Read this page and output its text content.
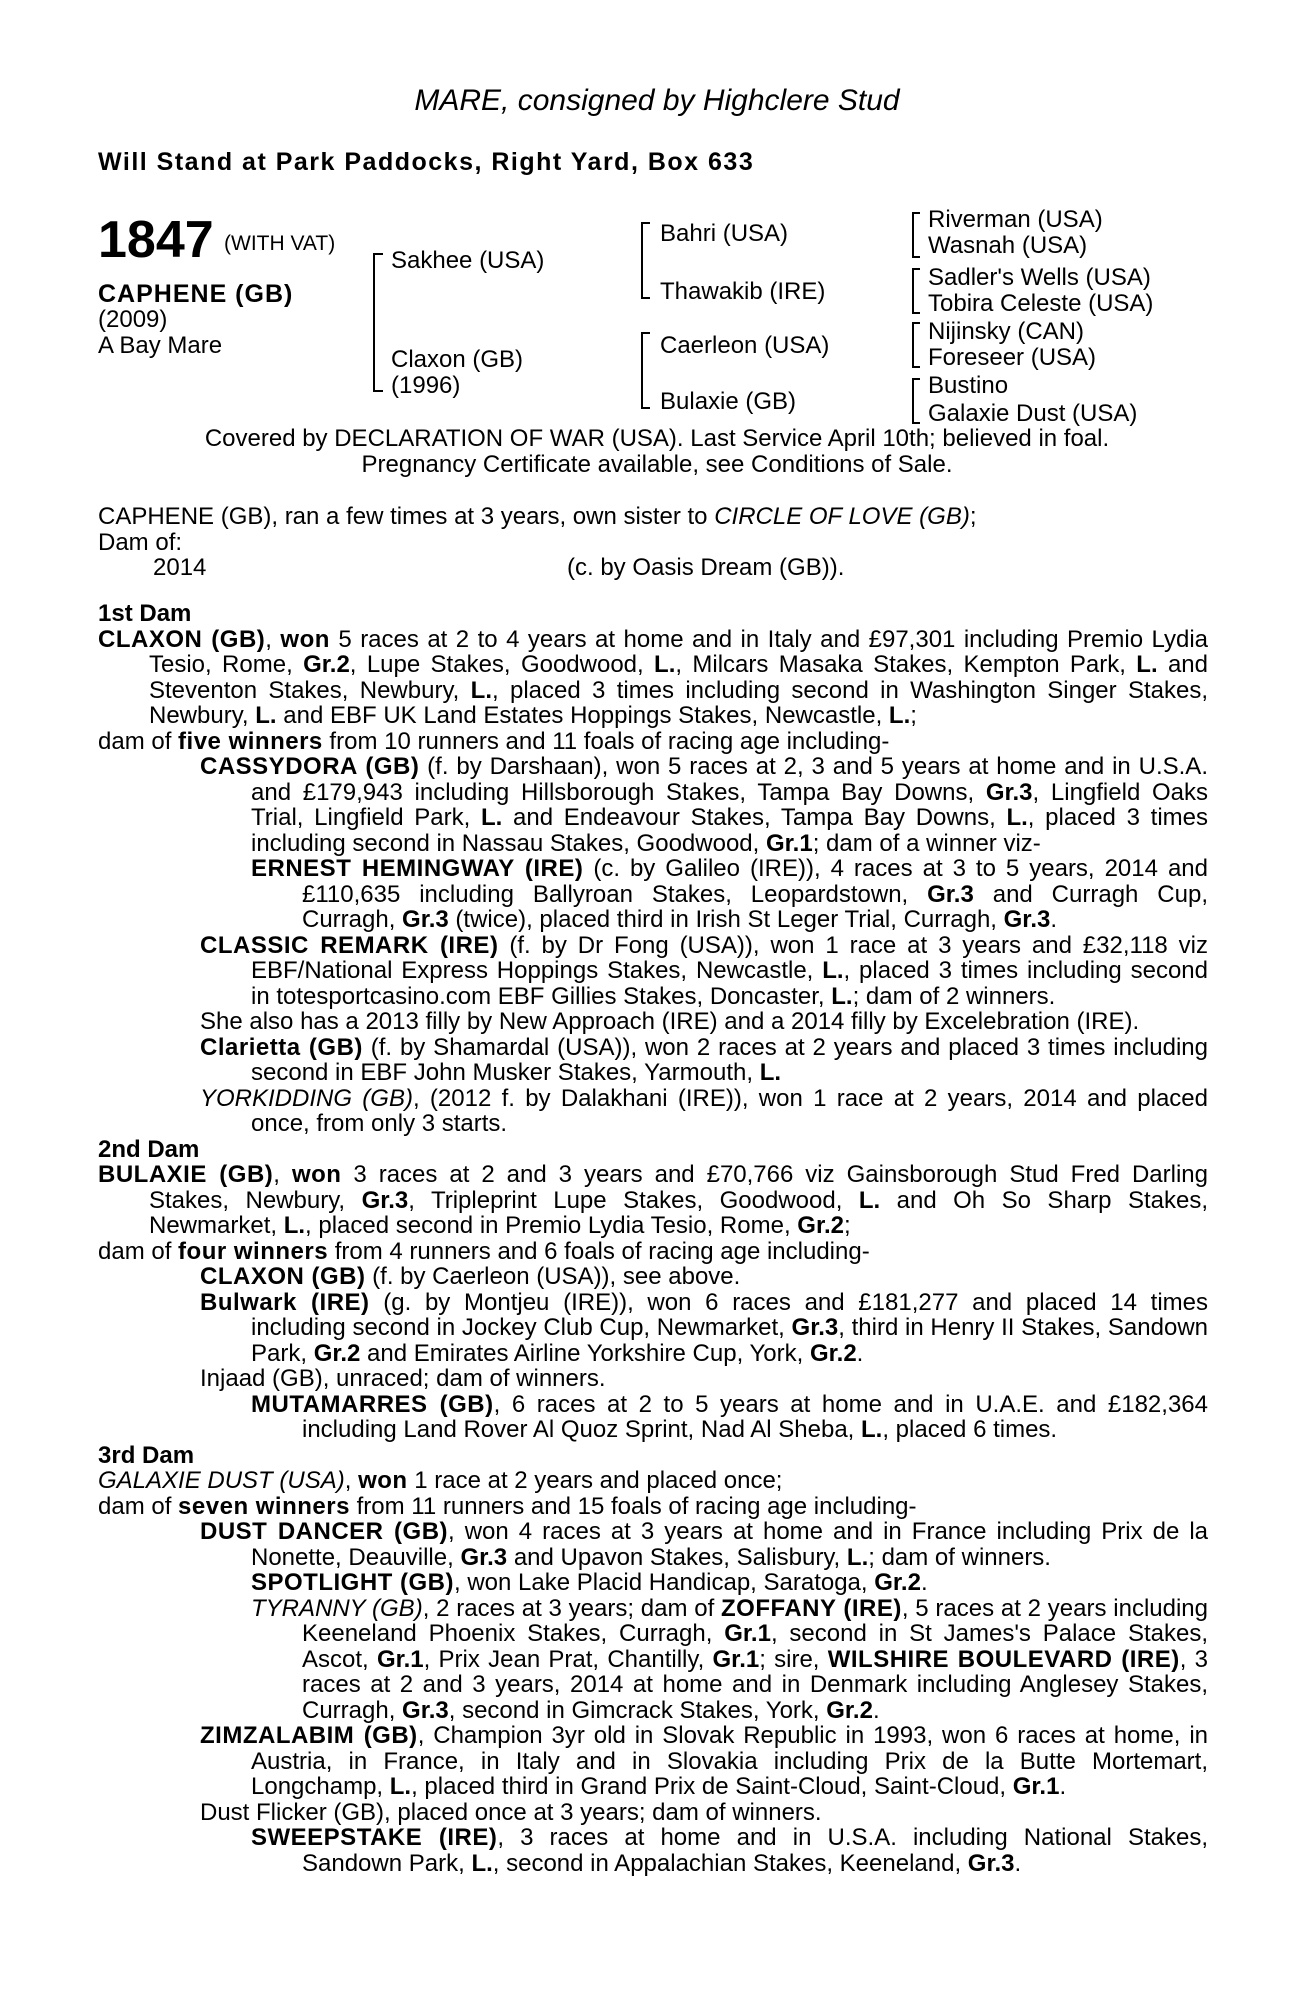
MARE, consigned by Highclere Stud
Will Stand at Park Paddocks, Right Yard, Box 633
1847 (WITH VAT)
CAPHENE (GB)
(2009)
A Bay Mare
Sakhee (USA)
Claxon (GB)
(1996)
Bahri (USA)
Thawakib (IRE)
Caerleon (USA)
Bulaxie (GB)
Riverman (USA)
Wasnah (USA)
Sadler's Wells (USA)
Tobira Celeste (USA)
Nijinsky (CAN)
Foreseer (USA)
Bustino
Galaxie Dust (USA)
Covered by DECLARATION OF WAR (USA). Last Service April 10th; believed in foal.
Pregnancy Certificate available, see Conditions of Sale.

CAPHENE (GB), ran a few times at 3 years, own sister to CIRCLE OF LOVE (GB);

Dam of:

2014	(c. by Oasis Dream (GB)).

1st Dam

CLAXON (GB), won 5 races at 2 to 4 years at home and in Italy and £97,301 including Premio Lydia Tesio, Rome, Gr.2, Lupe Stakes, Goodwood, L., Milcars Masaka Stakes, Kempton Park, L. and Steventon Stakes, Newbury, L., placed 3 times including second in Washington Singer Stakes, Newbury, L. and EBF UK Land Estates Hoppings Stakes, Newcastle, L.;

dam of five winners from 10 runners and 11 foals of racing age including-

CASSYDORA (GB) (f. by Darshaan), won 5 races at 2, 3 and 5 years at home and in U.S.A. and £179,943 including Hillsborough Stakes, Tampa Bay Downs, Gr.3, Lingfield Oaks Trial, Lingfield Park, L. and Endeavour Stakes, Tampa Bay Downs, L., placed 3 times including second in Nassau Stakes, Goodwood, Gr.1; dam of a winner viz-

ERNEST HEMINGWAY (IRE) (c. by Galileo (IRE)), 4 races at 3 to 5 years, 2014 and £110,635 including Ballyroan Stakes, Leopardstown, Gr.3 and Curragh Cup, Curragh, Gr.3 (twice), placed third in Irish St Leger Trial, Curragh, Gr.3.

CLASSIC REMARK (IRE) (f. by Dr Fong (USA)), won 1 race at 3 years and £32,118 viz EBF/National Express Hoppings Stakes, Newcastle, L., placed 3 times including second in totesportcasino.com EBF Gillies Stakes, Doncaster, L.; dam of 2 winners.

She also has a 2013 filly by New Approach (IRE) and a 2014 filly by Excelebration (IRE).

Clarietta (GB) (f. by Shamardal (USA)), won 2 races at 2 years and placed 3 times including second in EBF John Musker Stakes, Yarmouth, L.

YORKIDDING (GB), (2012 f. by Dalakhani (IRE)), won 1 race at 2 years, 2014 and placed once, from only 3 starts.

2nd Dam

BULAXIE (GB), won 3 races at 2 and 3 years and £70,766 viz Gainsborough Stud Fred Darling Stakes, Newbury, Gr.3, Tripleprint Lupe Stakes, Goodwood, L. and Oh So Sharp Stakes, Newmarket, L., placed second in Premio Lydia Tesio, Rome, Gr.2;

dam of four winners from 4 runners and 6 foals of racing age including-

CLAXON (GB) (f. by Caerleon (USA)), see above.

Bulwark (IRE) (g. by Montjeu (IRE)), won 6 races and £181,277 and placed 14 times including second in Jockey Club Cup, Newmarket, Gr.3, third in Henry II Stakes, Sandown Park, Gr.2 and Emirates Airline Yorkshire Cup, York, Gr.2.

Injaad (GB), unraced; dam of winners.

MUTAMARRES (GB), 6 races at 2 to 5 years at home and in U.A.E. and £182,364 including Land Rover Al Quoz Sprint, Nad Al Sheba, L., placed 6 times.

3rd Dam

GALAXIE DUST (USA), won 1 race at 2 years and placed once;

dam of seven winners from 11 runners and 15 foals of racing age including-

DUST DANCER (GB), won 4 races at 3 years at home and in France including Prix de la Nonette, Deauville, Gr.3 and Upavon Stakes, Salisbury, L.; dam of winners.

SPOTLIGHT (GB), won Lake Placid Handicap, Saratoga, Gr.2.

TYRANNY (GB), 2 races at 3 years; dam of ZOFFANY (IRE), 5 races at 2 years including Keeneland Phoenix Stakes, Curragh, Gr.1, second in St James's Palace Stakes, Ascot, Gr.1, Prix Jean Prat, Chantilly, Gr.1; sire, WILSHIRE BOULEVARD (IRE), 3 races at 2 and 3 years, 2014 at home and in Denmark including Anglesey Stakes, Curragh, Gr.3, second in Gimcrack Stakes, York, Gr.2.

ZIMZALABIM (GB), Champion 3yr old in Slovak Republic in 1993, won 6 races at home, in Austria, in France, in Italy and in Slovakia including Prix de la Butte Mortemart, Longchamp, L., placed third in Grand Prix de Saint-Cloud, Saint-Cloud, Gr.1.

Dust Flicker (GB), placed once at 3 years; dam of winners.

SWEEPSTAKE (IRE), 3 races at home and in U.S.A. including National Stakes, Sandown Park, L., second in Appalachian Stakes, Keeneland, Gr.3.
